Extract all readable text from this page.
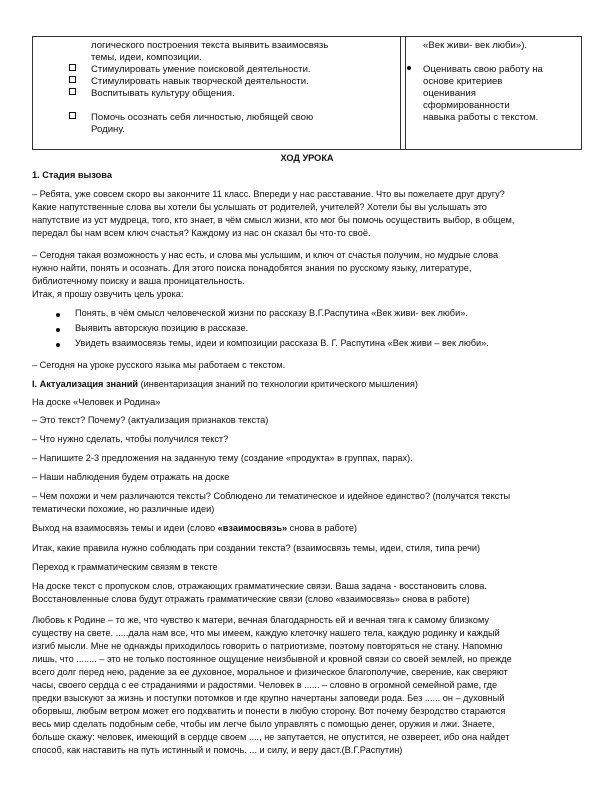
логического построения текста выявить взаимосвязь
темы, идеи, композиции.
Стимулировать умение поисковой деятельности.
Стимулировать навык творческой деятельности.
Воспитывать культуру общения.
Помочь осознать себя личностью, любящей свою
Родину.
«Век живи- век люби»).
Оценивать свою работу на
основе критериев
оценивания
сформированности
навыка работы с текстом.
ХОД УРОКА
1. Стадия вызова
– Ребята, уже совсем скоро вы закончите 11 класс. Впереди у нас расставание. Что вы пожелаете друг другу?
Какие напутственные слова вы хотели бы услышать от родителей, учителей? Хотели бы вы услышать это
напутствие из уст мудреца, того, кто знает, в чём смысл жизни, кто мог бы помочь осуществить выбор, в общем,
передал бы нам всем ключ счастья? Каждому из нас он сказал бы что-то своё.
– Сегодня такая возможность у нас есть, и слова мы услышим, и ключ от счастья получим, но мудрые слова
нужно найти, понять и осознать. Для этого поиска понадобятся знания по русскому языку, литературе,
библиотечному поиску и ваша проницательность.
Итак, я прошу озвучить цель урока:
Понять, в чём смысл человеческой жизни по рассказу В.Г.Распутина «Век живи- век люби».
Выявить авторскую позицию в рассказе.
Увидеть взаимосвязь темы, идеи и композиции рассказа В. Г. Распутина «Век живи – век люби».
– Сегодня на уроке русского языка мы работаем с текстом.
I. Актуализация знаний (инвентаризация знаний по технологии критического мышления)
На доске «Человек и Родина»
– Это текст? Почему? (актуализация признаков текста)
– Что нужно сделать, чтобы получился текст?
– Напишите 2-3 предложения на заданную тему (создание «продукта» в группах, парах).
– Наши наблюдения будем отражать на доске
– Чем похожи и чем различаются тексты? Соблюдено ли тематическое и идейное единство? (получатся тексты
тематически похожие, но различные идеи)
Выход на взаимосвязь темы и идеи (слово «взаимосвязь» снова в работе)
Итак, какие правила нужно соблюдать при создании текста? (взаимосвязь темы, идеи, стиля, типа речи)
Переход к грамматическим связям в тексте
На доске текст с пропуском слов, отражающих грамматические связи. Ваша задача - восстановить слова.
Восстановленные слова будут отражать грамматические связи (слово «взаимосвязь» снова в работе)
Любовь к Родине – то же, что чувство к матери, вечная благодарность ей и вечная тяга к самому близкому
существу на свете. .....дала нам все, что мы имеем, каждую клеточку нашего тела, каждую родинку и каждый
изгиб мысли. Мне не однажды приходилось говорить о патриотизме, поэтому повторяться не стану. Напомню
лишь, что ........ – это не только постоянное ощущение неизбывной и кровной связи со своей землей, но прежде
всего долг перед нею, радение за ее духовное, моральное и физическое благополучие, сверение, как сверяют
часы, своего сердца с ее страданиями и радостями. Человек в ...... – словно в огромной семейной раме, где
предки взыскуют за жизнь и поступки потомков и где крупно начертаны заповеди рода. Без ...... он – духовный
оборвыш, любым ветром может его подхватить и понести в любую сторону. Вот почему безродство стараются
весь мир сделать подобным себе, чтобы им легче было управлять с помощью денег, оружия и лжи. Знаете,
больше скажу: человек, имеющий в сердце своем ...., не запутается, не опустится, не озвереет, ибо она найдет
способ, как наставить на путь истинный и помочь. ... и силу, и веру даст.(В.Г.Распутин)
